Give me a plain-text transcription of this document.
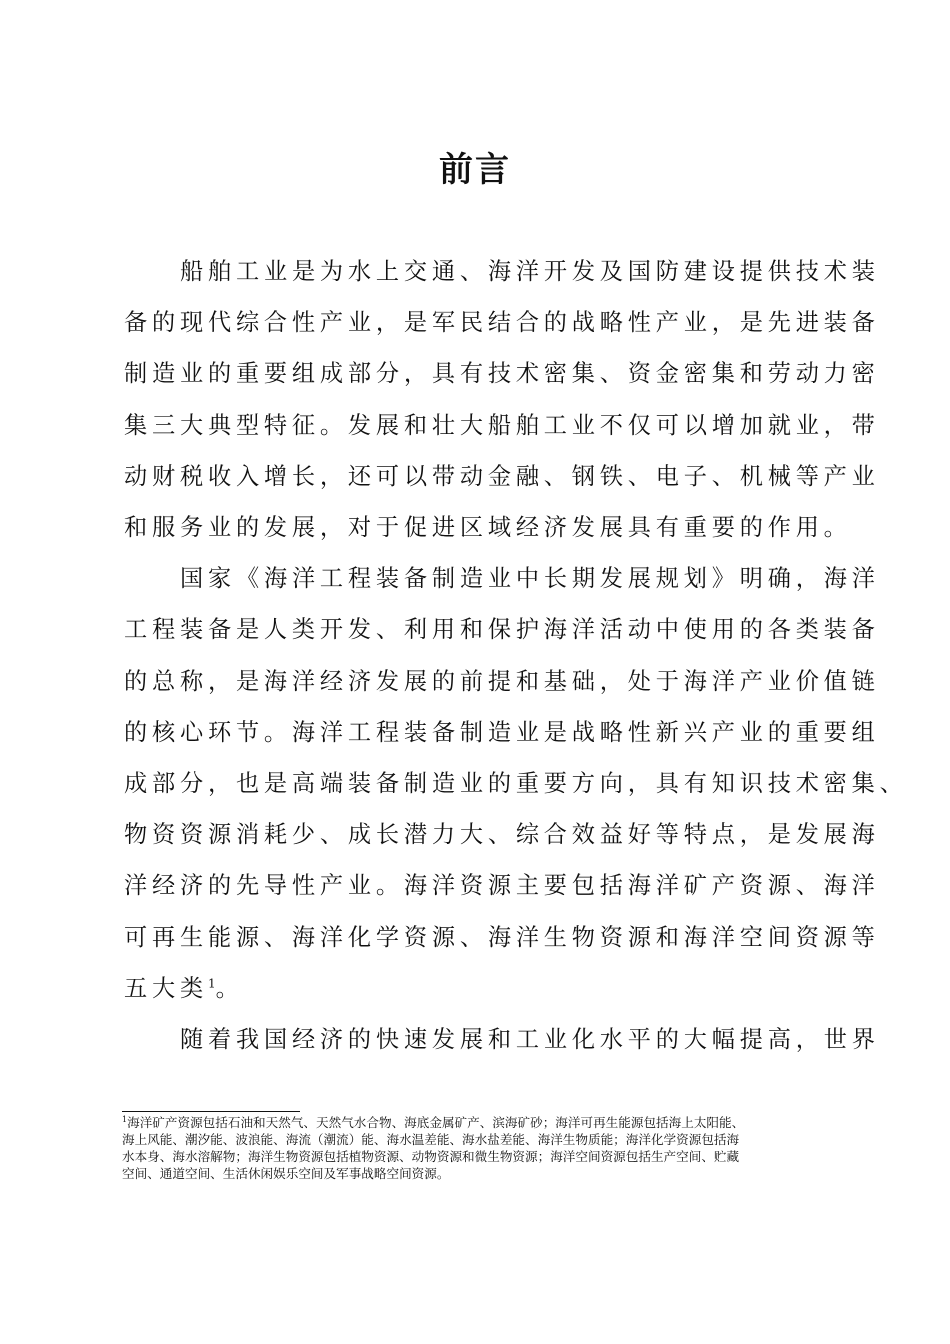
前言
船舶工业是为水上交通、海洋开发及国防建设提供技术装
备的现代综合性产业，是军民结合的战略性产业，是先进装备
制造业的重要组成部分，具有技术密集、资金密集和劳动力密
集三大典型特征。发展和壮大船舶工业不仅可以增加就业，带
动财税收入增长，还可以带动金融、钢铁、电子、机械等产业
和服务业的发展，对于促进区域经济发展具有重要的作用。
国家《海洋工程装备制造业中长期发展规划》明确，海洋
工程装备是人类开发、利用和保护海洋活动中使用的各类装备
的总称，是海洋经济发展的前提和基础，处于海洋产业价值链
的核心环节。海洋工程装备制造业是战略性新兴产业的重要组
成部分，也是高端装备制造业的重要方向，具有知识技术密集、
物资资源消耗少、成长潜力大、综合效益好等特点，是发展海
洋经济的先导性产业。海洋资源主要包括海洋矿产资源、海洋
可再生能源、海洋化学资源、海洋生物资源和海洋空间资源等
五大类$^1$。
随着我国经济的快速发展和工业化水平的大幅提高，世界
$^1$海洋矿产资源包括石油和天然气、天然气水合物、海底金属矿产、滨海矿砂；海洋可再生能源包括海上太阳能、
海上风能、潮汐能、波浪能、海流（潮流）能、海水温差能、海水盐差能、海洋生物质能；海洋化学资源包括海
水本身、海水溶解物；海洋生物资源包括植物资源、动物资源和微生物资源；海洋空间资源包括生产空间、贮藏
空间、通道空间、生活休闲娱乐空间及军事战略空间资源。
